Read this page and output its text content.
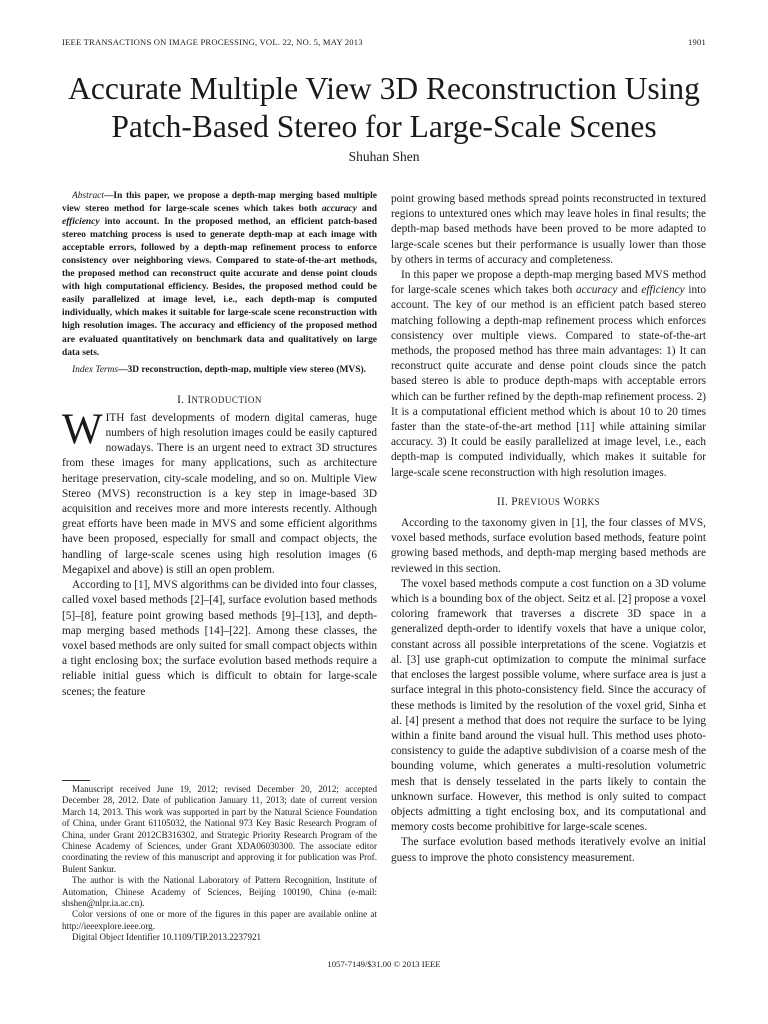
IEEE TRANSACTIONS ON IMAGE PROCESSING, VOL. 22, NO. 5, MAY 2013	1901
Accurate Multiple View 3D Reconstruction Using
Patch-Based Stereo for Large-Scale Scenes
Shuhan Shen

Abstract—In this paper, we propose a depth-map merging based multiple view stereo method for large-scale scenes which takes both accuracy and efficiency into account. In the proposed method, an efficient patch-based stereo matching process is used to generate depth-map at each image with acceptable errors, followed by a depth-map refinement process to enforce consistency over neighboring views. Compared to state-of-the-art methods, the proposed method can reconstruct quite accurate and dense point clouds with high computational efficiency. Besides, the proposed method could be easily parallelized at image level, i.e., each depth-map is computed individually, which makes it suitable for large-scale scene reconstruction with high resolution images. The accuracy and efficiency of the proposed method are evaluated quantitatively on benchmark data and qualitatively on large data sets.

Index Terms—3D reconstruction, depth-map, multiple view stereo (MVS).

I. INTRODUCTION

WITH fast developments of modern digital cameras, huge numbers of high resolution images could be easily captured nowadays. There is an urgent need to extract 3D structures from these images for many applications, such as architecture heritage preservation, city-scale modeling, and so on. Multiple View Stereo (MVS) reconstruction is a key step in image-based 3D acquisition and receives more and more interests recently. Although great efforts have been made in MVS and some efficient algorithms have been proposed, especially for small and compact objects, the handling of large-scale scenes using high resolution images (6 Megapixel and above) is still an open problem.

According to [1], MVS algorithms can be divided into four classes, called voxel based methods [2]–[4], surface evolution based methods [5]–[8], feature point growing based methods [9]–[13], and depth-map merging based methods [14]–[22]. Among these classes, the voxel based methods are only suited for small compact objects within a tight enclosing box; the surface evolution based methods require a reliable initial guess which is difficult to obtain for large-scale scenes; the feature

Manuscript received June 19, 2012; revised December 20, 2012; accepted December 28, 2012. Date of publication January 11, 2013; date of current version March 14, 2013. This work was supported in part by the Natural Science Foundation of China, under Grant 61105032, the National 973 Key Basic Research Program of China, under Grant 2012CB316302, and Strategic Priority Research Program of the Chinese Academy of Sciences, under Grant XDA06030300. The associate editor coordinating the review of this manuscript and approving it for publication was Prof. Bulent Sankur.

The author is with the National Laboratory of Pattern Recognition, Institute of Automation, Chinese Academy of Sciences, Beijing 100190, China (e-mail: shshen@nlpr.ia.ac.cn).

Color versions of one or more of the figures in this paper are available online at http://ieeexplore.ieee.org.

Digital Object Identifier 10.1109/TIP.2013.2237921

point growing based methods spread points reconstructed in textured regions to untextured ones which may leave holes in final results; the depth-map based methods have been proved to be more adapted to large-scale scenes but their performance is usually lower than those by others in terms of accuracy and completeness.

In this paper we propose a depth-map merging based MVS method for large-scale scenes which takes both accuracy and efficiency into account. The key of our method is an efficient patch based stereo matching following a depth-map refinement process which enforces consistency over multiple views. Compared to state-of-the-art methods, the proposed method has three main advantages: 1) It can reconstruct quite accurate and dense point clouds since the patch based stereo is able to produce depth-maps with acceptable errors which can be further refined by the depth-map refinement process. 2) It is a computational efficient method which is about 10 to 20 times faster than the state-of-the-art method [11] while attaining similar accuracy. 3) It could be easily parallelized at image level, i.e., each depth-map is computed individually, which makes it suitable for large-scale scene reconstruction with high resolution images.

II. PREVIOUS WORKS

According to the taxonomy given in [1], the four classes of MVS, voxel based methods, surface evolution based methods, feature point growing based methods, and depth-map merging based methods are reviewed in this section.

The voxel based methods compute a cost function on a 3D volume which is a bounding box of the object. Seitz et al. [2] propose a voxel coloring framework that traverses a discrete 3D space in a generalized depth-order to identify voxels that have a unique color, constant across all possible interpretations of the scene. Vogiatzis et al. [3] use graph-cut optimization to compute the minimal surface that encloses the largest possible volume, where surface area is just a surface integral in this photo-consistency field. Since the accuracy of these methods is limited by the resolution of the voxel grid, Sinha et al. [4] present a method that does not require the surface to be lying within a finite band around the visual hull. This method uses photo-consistency to guide the adaptive subdivision of a coarse mesh of the bounding volume, which generates a multi-resolution volumetric mesh that is densely tesselated in the parts likely to contain the unknown surface. However, this method is only suited to compact objects admitting a tight enclosing box, and its computational and memory costs become prohibitive for large-scale scenes.

The surface evolution based methods iteratively evolve an initial guess to improve the photo consistency measurement.

1057-7149/$31.00 © 2013 IEEE
